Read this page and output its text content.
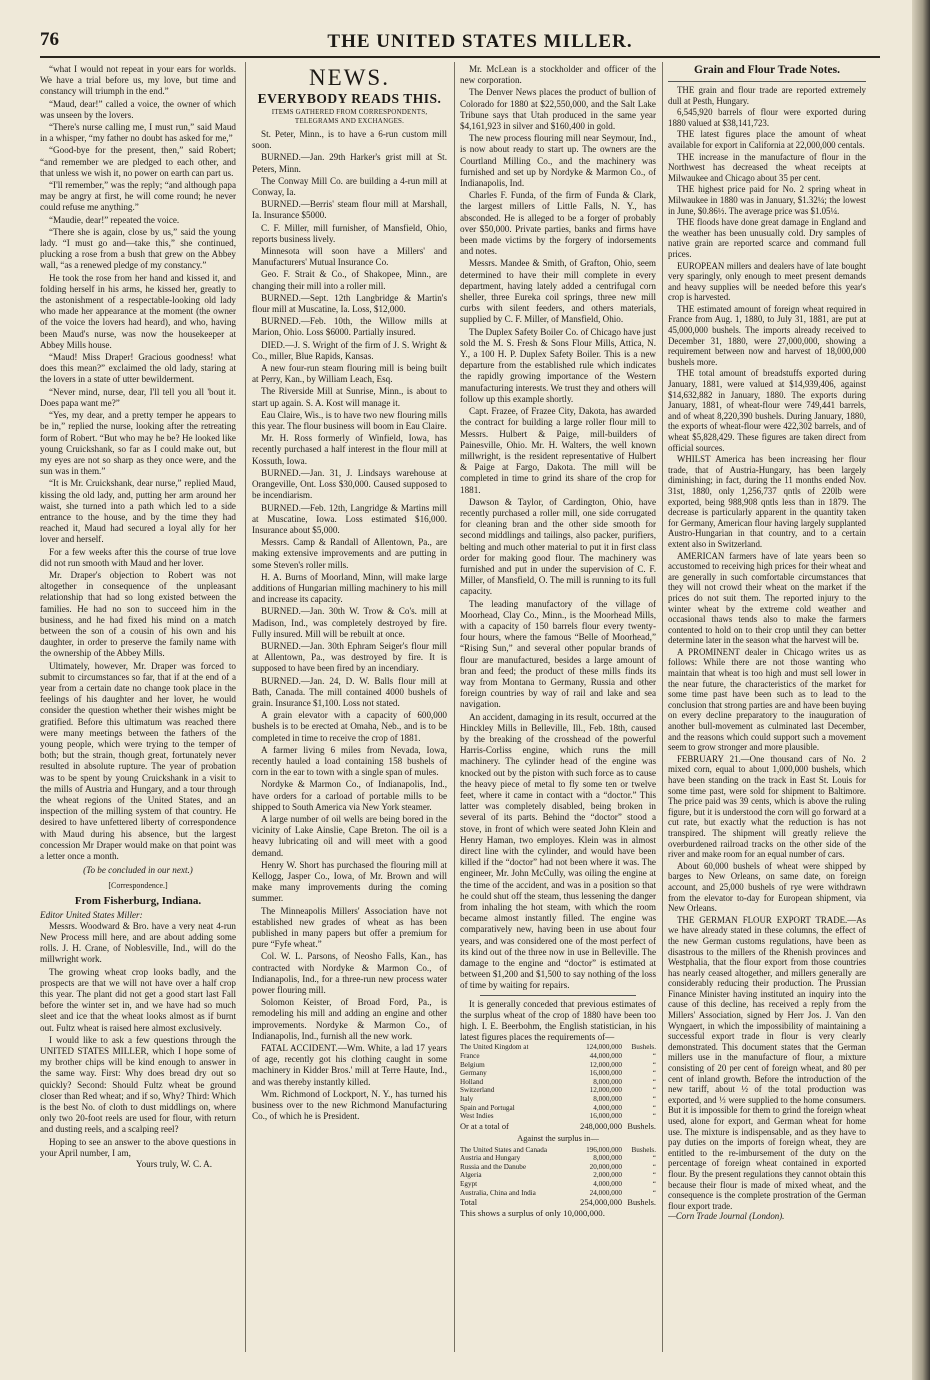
76	THE UNITED STATES MILLER.

“what I would not repeat in your ears for worlds. We have a trial before us, my love, but time and constancy will triumph in the end.”

“Maud, dear!” called a voice, the owner of which was unseen by the lovers.

“There's nurse calling me, I must run,” said Maud in a whisper, “my father no doubt has asked for me,”

“Good-bye for the present, then,” said Robert; “and remember we are pledged to each other, and that unless we wish it, no power on earth can part us.

“I'll remember,” was the reply; “and although papa may be angry at first, he will come round; he never could refuse me anything.”

“Maudie, dear!” repeated the voice.

“There she is again, close by us,” said the young lady. “I must go and—take this,” she continued, plucking a rose from a bush that grew on the Abbey wall, “as a renewed pledge of my constancy.”

He took the rose from her hand and kissed it, and folding herself in his arms, he kissed her, greatly to the astonishment of a respectable-looking old lady who made her appearance at the moment (the owner of the voice the lovers had heard), and who, having been Maud's nurse, was now the housekeeper at Abbey Mills house.

“Maud! Miss Draper! Gracious goodness! what does this mean?” exclaimed the old lady, staring at the lovers in a state of utter bewilderment.

“Never mind, nurse, dear, I'll tell you all 'bout it. Does papa want me?”

“Yes, my dear, and a pretty temper he appears to be in,” replied the nurse, looking after the retreating form of Robert. “But who may he be? He looked like young Cruickshank, so far as I could make out, but my eyes are not so sharp as they once were, and the sun was in them.”

“It is Mr. Cruickshank, dear nurse,” replied Maud, kissing the old lady, and, putting her arm around her waist, she turned into a path which led to a side entrance to the house, and by the time they had reached it, Maud had secured a loyal ally for her lover and herself.

For a few weeks after this the course of true love did not run smooth with Maud and her lover.

Mr. Draper's objection to Robert was not altogether in consequence of the unpleasant relationship that had so long existed between the families. He had no son to succeed him in the business, and he had fixed his mind on a match between the son of a cousin of his own and his daughter, in order to preserve the family name with the ownership of the Abbey Mills.

Ultimately, however, Mr. Draper was forced to submit to circumstances so far, that if at the end of a year from a certain date no change took place in the feelings of his daughter and her lover, he would consider the question whether their wishes might be gratified. Before this ultimatum was reached there were many meetings between the fathers of the young people, which were trying to the temper of both; but the strain, though great, fortunately never resulted in absolute rupture. The year of probation was to be spent by young Cruickshank in a visit to the mills of Austria and Hungary, and a tour through the wheat regions of the United States, and an inspection of the milling system of that country. He desired to have unfettered liberty of correspondence with Maud during his absence, but the largest concession Mr Draper would make on that point was a letter once a month.

(To be concluded in our next.)

[Correspondence.]

From Fisherburg, Indiana.

Editor United States Miller:

Messrs. Woodward & Bro. have a very neat 4-run New Process mill here, and are about adding some rolls. J. H. Crane, of Noblesville, Ind., will do the millwright work.

The growing wheat crop looks badly, and the prospects are that we will not have over a half crop this year. The plant did not get a good start last Fall before the winter set in, and we have had so much sleet and ice that the wheat looks almost as if burnt out. Fultz wheat is raised here almost exclusively.

I would like to ask a few questions through the UNITED STATES MILLER, which I hope some of my brother chips will be kind enough to answer in the same way. First: Why does bread dry out so quickly? Second: Should Fultz wheat be ground closer than Red wheat; and if so, Why? Third: Which is the best No. of cloth to dust middlings on, where only two 20-foot reels are used for flour, with return and dusting reels, and a scalping reel?

Hoping to see an answer to the above questions in your April number, I am,

Yours truly, W. C. A.

NEWS.
EVERYBODY READS THIS.
ITEMS GATHERED FROM CORRESPONDENTS, TELEGRAMS AND EXCHANGES.

St. Peter, Minn., is to have a 6-run custom mill soon.

BURNED.—Jan. 29th Harker's grist mill at St. Peters, Minn.

The Conway Mill Co. are building a 4-run mill at Conway, Ia.

BURNED.—Berris' steam flour mill at Marshall, Ia. Insurance $5000.

C. F. Miller, mill furnisher, of Mansfield, Ohio, reports business lively.

Minnesota will soon have a Millers' and Manufacturers' Mutual Insurance Co.

Geo. F. Strait & Co., of Shakopee, Minn., are changing their mill into a roller mill.

BURNED.—Sept. 12th Langbridge & Martin's flour mill at Muscatine, Ia. Loss, $12,000.

BURNED.—Feb. 10th, the Willow mills at Marion, Ohio. Loss $6000. Partially insured.

DIED.—J. S. Wright of the firm of J. S. Wright & Co., miller, Blue Rapids, Kansas.

A new four-run steam flouring mill is being built at Perry, Kan., by William Leach, Esq.

The Riverside Mill at Sunrise, Minn., is about to start up again. S. A. Kost will manage it.

Eau Claire, Wis., is to have two new flouring mills this year. The flour business will boom in Eau Claire.

Mr. H. Ross formerly of Winfield, Iowa, has recently purchased a half interest in the flour mill at Kossuth, Iowa.

BURNED.—Jan. 31, J. Lindsays warehouse at Orangeville, Ont. Loss $30,000. Caused supposed to be incendiarism.

BURNED.—Feb. 12th, Langridge & Martins mill at Muscatine, Iowa. Loss estimated $16,000. Insurance about $5,000.

Messrs. Camp & Randall of Allentown, Pa., are making extensive improvements and are putting in some Steven's roller mills.

H. A. Burns of Moorland, Minn, will make large additions of Hungarian milling machinery to his mill and increase its capacity.

BURNED.—Jan. 30th W. Trow & Co's. mill at Madison, Ind., was completely destroyed by fire. Fully insured. Mill will be rebuilt at once.

BURNED.—Jan. 30th Ephram Seiger's flour mill at Allentown, Pa., was destroyed by fire. It is supposed to have been fired by an incendiary.

BURNED.—Jan. 24, D. W. Balls flour mill at Bath, Canada. The mill contained 4000 bushels of grain. Insurance $1,100. Loss not stated.

A grain elevator with a capacity of 600,000 bushels is to be erected at Omaha, Neb., and is to be completed in time to receive the crop of 1881.

A farmer living 6 miles from Nevada, Iowa, recently hauled a load containing 158 bushels of corn in the ear to town with a single span of mules.

Nordyke & Marmon Co., of Indianapolis, Ind., have orders for a carload of portable mills to be shipped to South America via New York steamer.

A large number of oil wells are being bored in the vicinity of Lake Ainslie, Cape Breton. The oil is a heavy lubricating oil and will meet with a good demand.

Henry W. Short has purchased the flouring mill at Kellogg, Jasper Co., Iowa, of Mr. Brown and will make many improvements during the coming summer.

The Minneapolis Millers' Association have not established new grades of wheat as has been published in many papers but offer a premium for pure “Fyfe wheat.”

Col. W. L. Parsons, of Neosho Falls, Kan., has contracted with Nordyke & Marmon Co., of Indianapolis, Ind., for a three-run new process water power flouring mill.

Solomon Keister, of Broad Ford, Pa., is remodeling his mill and adding an engine and other improvements. Nordyke & Marmon Co., of Indianapolis, Ind., furnish all the new work.

FATAL ACCIDENT.—Wm. White, a lad 17 years of age, recently got his clothing caught in some machinery in Kidder Bros.' mill at Terre Haute, Ind., and was thereby instantly killed.

Wm. Richmond of Lockport, N. Y., has turned his business over to the new Richmond Manufacturing Co., of which he is President.

Mr. McLean is a stockholder and officer of the new corporation.

The Denver News places the product of bullion of Colorado for 1880 at $22,550,000, and the Salt Lake Tribune says that Utah produced in the same year $4,161,923 in silver and $160,400 in gold.

The new process flouring mill near Seymour, Ind., is now about ready to start up. The owners are the Courtland Milling Co., and the machinery was furnished and set up by Nordyke & Marmon Co., of Indianapolis, Ind.

Charles F. Funda, of the firm of Funda & Clark, the largest millers of Little Falls, N. Y., has absconded. He is alleged to be a forger of probably over $50,000. Private parties, banks and firms have been made victims by the forgery of indorsements and notes.

Messrs. Mandee & Smith, of Grafton, Ohio, seem determined to have their mill complete in every department, having lately added a centrifugal corn sheller, three Eureka coil springs, three new mill curbs with silent feeders, and others materials, supplied by C. F. Miller, of Mansfield, Ohio.

The Duplex Safety Boiler Co. of Chicago have just sold the M. S. Fresh & Sons Flour Mills, Attica, N. Y., a 100 H. P. Duplex Safety Boiler. This is a new departure from the established rule which indicates the rapidly growing importance of the Western manufacturing interests. We trust they and others will follow up this example shortly.

Capt. Frazee, of Frazee City, Dakota, has awarded the contract for building a large roller flour mill to Messrs. Hulbert & Paige, mill-builders of Painesville, Ohio. Mr. H. Walters, the well known millwright, is the resident representative of Hulbert & Paige at Fargo, Dakota. The mill will be completed in time to grind its share of the crop for 1881.

Dawson & Taylor, of Cardington, Ohio, have recently purchased a roller mill, one side corrugated for cleaning bran and the other side smooth for second middlings and tailings, also packer, purifiers, belting and much other material to put it in first class order for making good flour. The machinery was furnished and put in under the supervision of C. F. Miller, of Mansfield, O. The mill is running to its full capacity.

The leading manufactory of the village of Moorhead, Clay Co., Minn., is the Moorhead Mills, with a capacity of 150 barrels flour every twenty-four hours, where the famous “Belle of Moorhead,” “Rising Sun,” and several other popular brands of flour are manufactured, besides a large amount of bran and feed; the product of these mills finds its way from Montana to Germany, Russia and other foreign countries by way of rail and lake and sea navigation.

An accident, damaging in its result, occurred at the Hinckley Mills in Belleville, Ill., Feb. 18th, caused by the breaking of the crosshead of the powerful Harris-Corliss engine, which runs the mill machinery. The cylinder head of the engine was knocked out by the piston with such force as to cause the heavy piece of metal to fly some ten or twelve feet, where it came in contact with a “doctor.” This latter was completely disabled, being broken in several of its parts. Behind the “doctor” stood a stove, in front of which were seated John Klein and Henry Haman, two employes. Klein was in almost direct line with the cylinder, and would have been killed if the “doctor” had not been where it was. The engineer, Mr. John McCully, was oiling the engine at the time of the accident, and was in a position so that he could shut off the steam, thus lessening the danger from inhaling the hot steam, with which the room became almost instantly filled. The engine was comparatively new, having been in use about four years, and was considered one of the most perfect of its kind out of the three now in use in Belleville. The damage to the engine and “doctor” is estimated at between $1,200 and $1,500 to say nothing of the loss of time by waiting for repairs.

It is generally conceded that previous estimates of the surplus wheat of the crop of 1880 have been too high. I. E. Beerbohm, the English statistician, in his latest figures places the requirements of—

The United Kingdom at	124,000,000	Bushels.
France	44,000,000	“
Belgium	12,000,000	“
Germany	16,000,000	“
Holland	8,000,000	“
Switzerland	12,000,000	“
Italy	8,000,000	“
Spain and Portugal	4,000,000	“
West Indies	16,000,000	“
Or at a total of	248,000,000	Bushels.
Against the surplus in—
The United States and Canada	196,000,000	Bushels.
Austria and Hungary	8,000,000	“
Russia and the Danube	20,000,000	“
Algeria	2,000,000	“
Egypt	4,000,000	“
Australia, China and India	24,000,000	“
Total	254,000,000	Bushels.

This shows a surplus of only 10,000,000.

Grain and Flour Trade Notes.

THE grain and flour trade are reported extremely dull at Pesth, Hungary.

6,545,920 barrels of flour were exported during 1880 valued at $38,141,723.

THE latest figures place the amount of wheat available for export in California at 22,000,000 centals.

THE increase in the manufacture of flour in the Northwest has decreased the wheat receipts at Milwaukee and Chicago about 35 per cent.

THE highest price paid for No. 2 spring wheat in Milwaukee in 1880 was in January, $1.32¼; the lowest in June, $0.86½. The average price was $1.05¼.

THE floods have done great damage in England and the weather has been unusually cold. Dry samples of native grain are reported scarce and command full prices.

EUROPEAN millers and dealers have of late bought very sparingly, only enough to meet present demands and heavy supplies will be needed before this year's crop is harvested.

THE estimated amount of foreign wheat required in France from Aug. 1, 1880, to July 31, 1881, are put at 45,000,000 bushels. The imports already received to December 31, 1880, were 27,000,000, showing a requirement between now and harvest of 18,000,000 bushels more.

THE total amount of breadstuffs exported during January, 1881, were valued at $14,939,406, against $14,632,882 in January, 1880. The exports during January, 1881, of wheat-flour were 749,441 barrels, and of wheat 8,220,390 bushels. During January, 1880, the exports of wheat-flour were 422,302 barrels, and of wheat $5,828,429. These figures are taken direct from official sources.

WHILST America has been increasing her flour trade, that of Austria-Hungary, has been largely diminishing; in fact, during the 11 months ended Nov. 31st, 1880, only 1,256,737 qntls of 220lb were exported, being 988,908 qntls less than in 1879. The decrease is particularly apparent in the quantity taken for Germany, American flour having largely supplanted Austro-Hungarian in that country, and to a certain extent also in Switzerland.

AMERICAN farmers have of late years been so accustomed to receiving high prices for their wheat and are generally in such comfortable circumstances that they will not crowd their wheat on the market if the prices do not suit them. The reported injury to the winter wheat by the extreme cold weather and occasional thaws tends also to make the farmers contented to hold on to their crop until they can better determine later in the season what the harvest will be.

A PROMINENT dealer in Chicago writes us as follows: While there are not those wanting who maintain that wheat is too high and must sell lower in the near future, the characteristics of the market for some time past have been such as to lead to the conclusion that strong parties are and have been buying on every decline preparatory to the inauguration of another bull-movement as culminated last December, and the reasons which could support such a movement seem to grow stronger and more plausible.

FEBRUARY 21.—One thousand cars of No. 2 mixed corn, equal to about 1,000,000 bushels, which have been standing on the track in East St. Louis for some time past, were sold for shipment to Baltimore. The price paid was 39 cents, which is above the ruling figure, but it is understood the corn will go forward at a cut rate, but exactly what the reduction is has not transpired. The shipment will greatly relieve the overburdened railroad tracks on the other side of the river and make room for an equal number of cars.

About 60,000 bushels of wheat were shipped by barges to New Orleans, on same date, on foreign account, and 25,000 bushels of rye were withdrawn from the elevator to-day for European shipment, via New Orleans.

THE GERMAN FLOUR EXPORT TRADE.—As we have already stated in these columns, the effect of the new German customs regulations, have been as disastrous to the millers of the Rhenish provinces and Westphalia, that the flour export from those countries has nearly ceased altogether, and millers generally are considerably reducing their production. The Prussian Finance Minister having instituted an inquiry into the cause of this decline, has received a reply from the Millers' Association, signed by Herr Jos. J. Van den Wyngaert, in which the impossibility of maintaining a successful export trade in flour is very clearly demonstrated. This document states that the German millers use in the manufacture of flour, a mixture consisting of 20 per cent of foreign wheat, and 80 per cent of inland growth. Before the introduction of the new tariff, about ½ of the total production was exported, and ⅓ were supplied to the home consumers. But it is impossible for them to grind the foreign wheat used, alone for export, and German wheat for home use. The mixture is indispensable, and as they have to pay duties on the imports of foreign wheat, they are entitled to the re-imbursement of the duty on the percentage of foreign wheat contained in exported flour. By the present regulations they cannot obtain this because their flour is made of mixed wheat, and the consequence is the complete prostration of the German flour export trade.

—Corn Trade Journal (London).
